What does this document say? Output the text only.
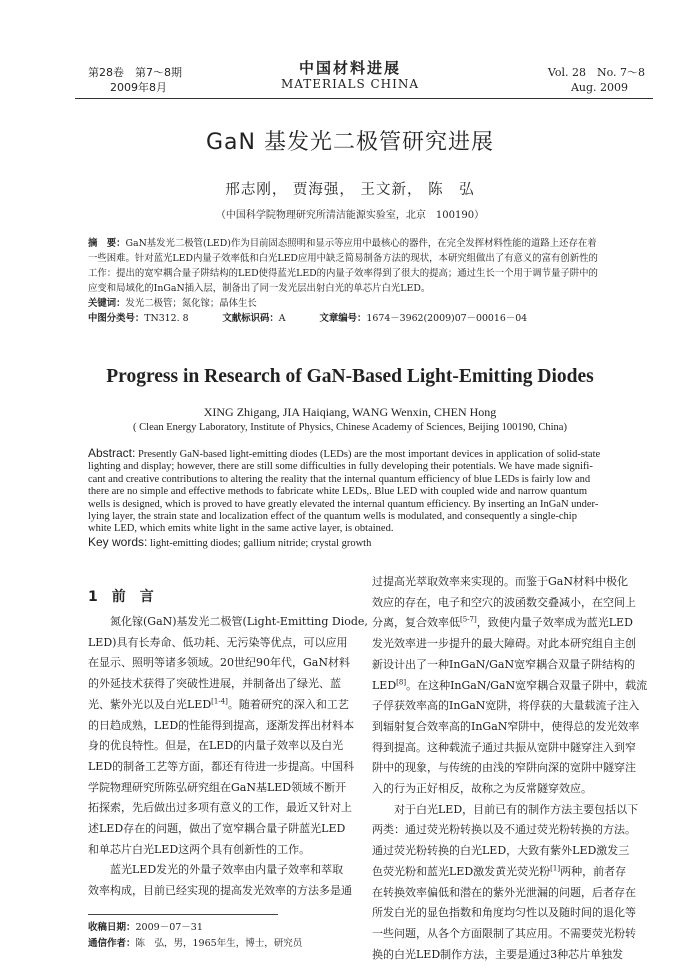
第28卷　第7～8期
2009年8月
中国材料进展
MATERIALS CHINA
Vol. 28　No. 7～8
Aug. 2009
GaN 基发光二极管研究进展
邢志刚， 贾海强， 王文新， 陈　弘
（中国科学院物理研究所清洁能源实验室，北京　100190）
摘　要：GaN基发光二极管(LED)作为目前固态照明和显示等应用中最核心的器件，在完全发挥材料性能的道路上还存在着
一些困难。针对蓝光LED内量子效率低和白光LED应用中缺乏简易制备方法的现状，本研究组做出了有意义的富有创新性的
工作：提出的宽窄耦合量子阱结构的LED使得蓝光LED的内量子效率得到了很大的提高；通过生长一个用于调节量子阱中的
应变和局域化的InGaN插入层，制备出了同一发光层出射白光的单芯片白光LED。
关键词：发光二极管；氮化镓；晶体生长
中图分类号：TN312. 8	文献标识码：A	文章编号：1674－3962(2009)07－00016－04
Progress in Research of GaN-Based Light-Emitting Diodes
XING Zhigang, JIA Haiqiang, WANG Wenxin, CHEN Hong
( Clean Energy Laboratory, Institute of Physics, Chinese Academy of Sciences, Beijing 100190, China)
Abstract: Presently GaN-based light-emitting diodes (LEDs) are the most important devices in application of solid-state
lighting and display; however, there are still some difficulties in fully developing their potentials. We have made signifi-
cant and creative contributions to altering the reality that the internal quantum efficiency of blue LEDs is fairly low and
there are no simple and effective methods to fabricate white LEDs,. Blue LED with coupled wide and narrow quantum
wells is designed, which is proved to have greatly elevated the internal quantum efficiency. By inserting an InGaN under-
lying layer, the strain state and localization effect of the quantum wells is modulated, and consequently a single-chip
white LED, which emits white light in the same active layer, is obtained.
Key words: light-emitting diodes; gallium nitride; crystal growth
1 前　言
　　氮化镓(GaN)基发光二极管(Light-Emitting Diode,
LED)具有长寿命、低功耗、无污染等优点，可以应用
在显示、照明等诸多领域。20世纪90年代，GaN材料
的外延技术获得了突破性进展，并制备出了绿光、蓝
光、紫外光以及白光LED[1-4]。随着研究的深入和工艺
的日趋成熟，LED的性能得到提高，逐渐发挥出材料本
身的优良特性。但是，在LED的内量子效率以及白光
LED的制备工艺等方面，都还有待进一步提高。中国科
学院物理研究所陈弘研究组在GaN基LED领域不断开
拓探索，先后做出过多项有意义的工作，最近又针对上
述LED存在的问题，做出了宽窄耦合量子阱蓝光LED
和单芯片白光LED这两个具有创新性的工作。
　　蓝光LED发光的外量子效率由内量子效率和萃取
效率构成，目前已经实现的提高发光效率的方法多是通
收稿日期：2009－07－31
通信作者：陈　弘，男，1965年生，博士，研究员
过提高光萃取效率来实现的。而鉴于GaN材料中极化
效应的存在，电子和空穴的波函数交叠减小，在空间上
分离，复合效率低[5-7]，致使内量子效率成为蓝光LED
发光效率进一步提升的最大障碍。对此本研究组自主创
新设计出了一种InGaN/GaN宽窄耦合双量子阱结构的
LED[8]。在这种InGaN/GaN宽窄耦合双量子阱中，载流
子俘获效率高的InGaN宽阱，将俘获的大量载流子注入
到辐射复合效率高的InGaN窄阱中，使得总的发光效率
得到提高。这种载流子通过共振从宽阱中隧穿注入到窄
阱中的现象，与传统的由浅的窄阱向深的宽阱中隧穿注
入的行为正好相反，故称之为反常隧穿效应。
　　对于白光LED，目前已有的制作方法主要包括以下
两类：通过荧光粉转换以及不通过荧光粉转换的方法。
通过荧光粉转换的白光LED，大致有紫外LED激发三
色荧光粉和蓝光LED激发黄光荧光粉[1]两种，前者存
在转换效率偏低和潜在的紫外光泄漏的问题，后者存在
所发白光的显色指数和角度均匀性以及随时间的退化等
一些问题，从各个方面限制了其应用。不需要荧光粉转
换的白光LED制作方法，主要是通过3种芯片单独发
